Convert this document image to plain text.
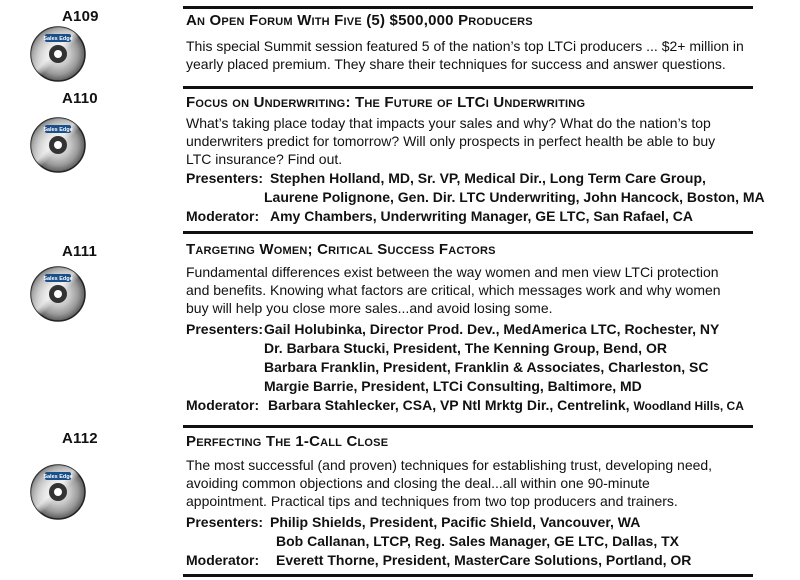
A109
Sales Edge
An Open Forum With Five (5) $500,000 Producers
This special Summit session featured 5 of the nation’s top LTCi producers ... $2+ million in
yearly placed premium. They share their techniques for success and answer questions.
A110
Sales Edge
Focus on Underwriting: The Future of LTCi Underwriting
What’s taking place today that impacts your sales and why? What do the nation’s top
underwriters predict for tomorrow? Will only prospects in perfect health be able to buy
LTC insurance? Find out.
Presenters: Stephen Holland, MD, Sr. VP, Medical Dir., Long Term Care Group,
Laurene Polignone, Gen. Dir. LTC Underwriting, John Hancock, Boston, MA
Moderator: Amy Chambers, Underwriting Manager, GE LTC, San Rafael, CA
A111
Sales Edge
Targeting Women; Critical Success Factors
Fundamental differences exist between the way women and men view LTCi protection
and benefits. Knowing what factors are critical, which messages work and why women
buy will help you close more sales...and avoid losing some.
Presenters:Gail Holubinka, Director Prod. Dev., MedAmerica LTC, Rochester, NY
Dr. Barbara Stucki, President, The Kenning Group, Bend, OR
Barbara Franklin, President, Franklin & Associates, Charleston, SC
Margie Barrie, President, LTCi Consulting, Baltimore, MD
Moderator: Barbara Stahlecker, CSA, VP Ntl Mrktg Dir., Centrelink, Woodland Hills, CA
A112
Sales Edge
Perfecting The 1-Call Close
The most successful (and proven) techniques for establishing trust, developing need,
avoiding common objections and closing the deal...all within one 90-minute
appointment. Practical tips and techniques from two top producers and trainers.
Presenters: Philip Shields, President, Pacific Shield, Vancouver, WA
Bob Callanan, LTCP, Reg. Sales Manager, GE LTC, Dallas, TX
Moderator: Everett Thorne, President, MasterCare Solutions, Portland, OR
